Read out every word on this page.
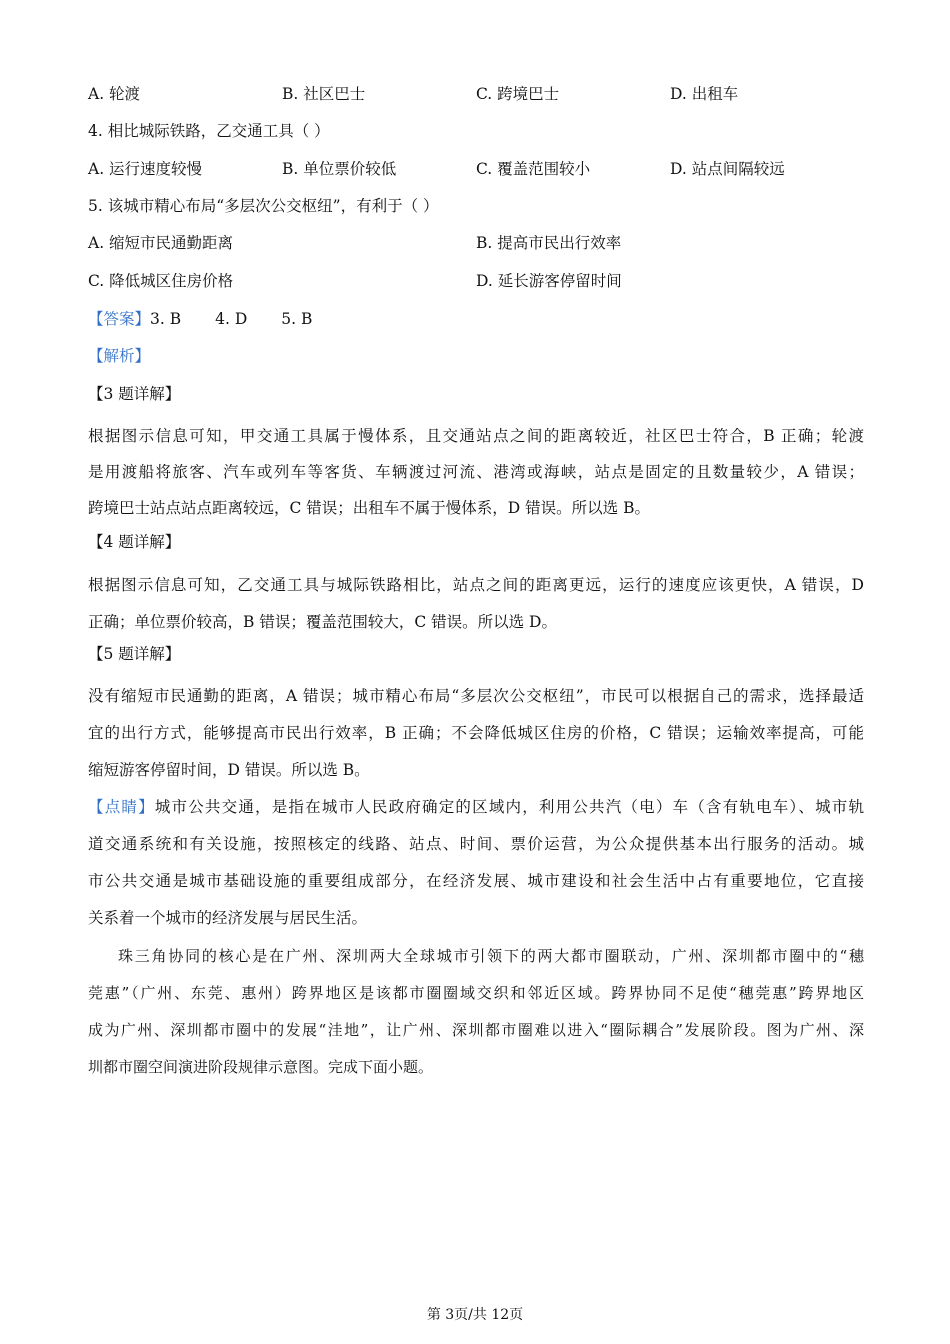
A. 轮渡	B. 社区巴士	C. 跨境巴士	D. 出租车
4. 相比城际铁路，乙交通工具（ ）
A. 运行速度较慢	B. 单位票价较低	C. 覆盖范围较小	D. 站点间隔较远
5. 该城市精心布局“多层次公交枢纽”，有利于（ ）
A. 缩短市民通勤距离	B. 提高市民出行效率
C. 降低城区住房价格	D. 延长游客停留时间
【答案】3. B 4. D 5. B
【解析】
【3 题详解】
根据图示信息可知，甲交通工具属于慢体系，且交通站点之间的距离较近，社区巴士符合，B 正确；轮渡
是用渡船将旅客、汽车或列车等客货、车辆渡过河流、港湾或海峡，站点是固定的且数量较少，A 错误；
跨境巴士站点站点距离较远，C 错误；出租车不属于慢体系，D 错误。所以选 B。
【4 题详解】
根据图示信息可知，乙交通工具与城际铁路相比，站点之间的距离更远，运行的速度应该更快，A 错误，D
正确；单位票价较高，B 错误；覆盖范围较大，C 错误。所以选 D。
【5 题详解】
没有缩短市民通勤的距离，A 错误；城市精心布局“多层次公交枢纽”，市民可以根据自己的需求，选择最适
宜的出行方式，能够提高市民出行效率，B 正确；不会降低城区住房的价格，C 错误；运输效率提高，可能
缩短游客停留时间，D 错误。所以选 B。
【点睛】城市公共交通，是指在城市人民政府确定的区域内，利用公共汽（电）车（含有轨电车）、城市轨
道交通系统和有关设施，按照核定的线路、站点、时间、票价运营，为公众提供基本出行服务的活动。城
市公共交通是城市基础设施的重要组成部分，在经济发展、城市建设和社会生活中占有重要地位，它直接
关系着一个城市的经济发展与居民生活。
珠三角协同的核心是在广州、深圳两大全球城市引领下的两大都市圈联动，广州、深圳都市圈中的“穗
莞惠”（广州、东莞、惠州）跨界地区是该都市圈圈域交织和邻近区域。跨界协同不足使“穗莞惠”跨界地区
成为广州、深圳都市圈中的发展“洼地”，让广州、深圳都市圈难以进入“圈际耦合”发展阶段。图为广州、深
圳都市圈空间演进阶段规律示意图。完成下面小题。
第 3页/共 12页
